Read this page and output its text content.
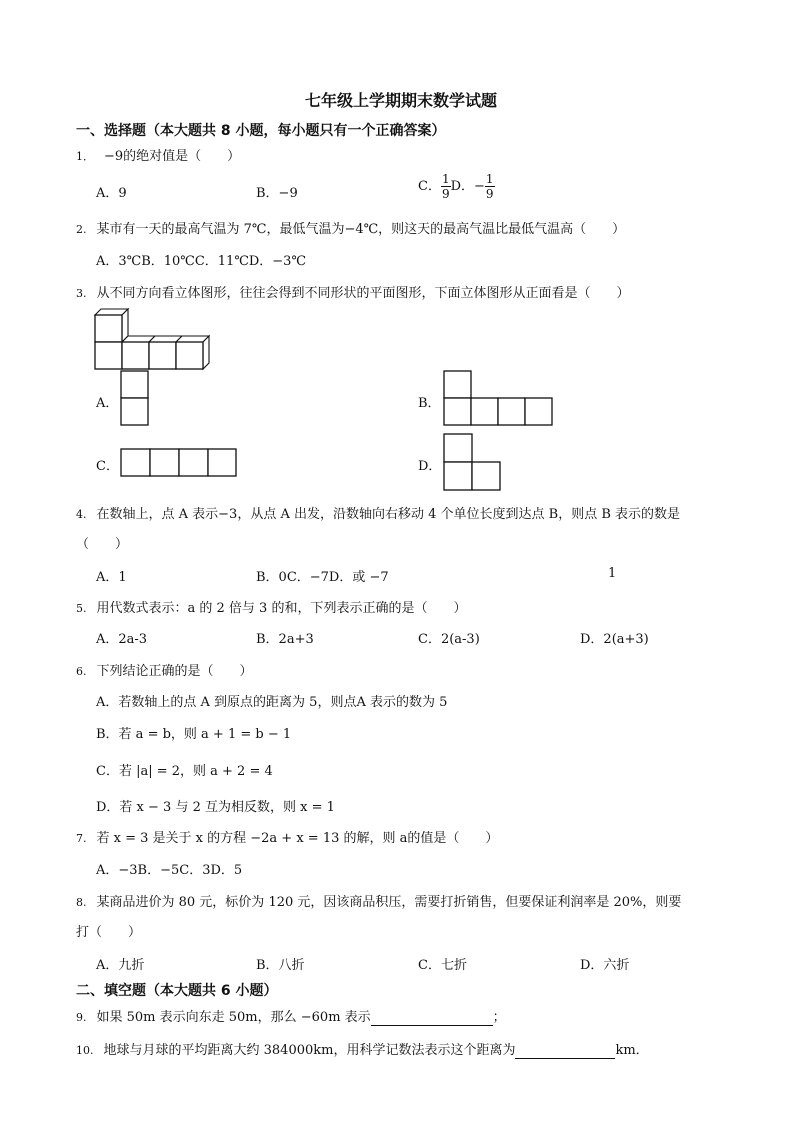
七年级上学期期末数学试题
一、选择题（本大题共 8 小题，每小题只有一个正确答案）
1． −9的绝对值是（　　）
A．9	B．−9	C． $\frac{1}{9}$ D．− $\frac{1}{9}$
2. 某市有一天的最高气温为 7℃，最低气温为−4℃，则这天的最高气温比最低气温高（　　）
A．3℃B．10℃C．11℃D．−3℃
3. 从不同方向看立体图形，往往会得到不同形状的平面图形，下面立体图形从正面看是（　　）
A．	B．
C．	D．
4. 在数轴上，点 A 表示−3，从点 A 出发，沿数轴向右移动 4 个单位长度到达点 B，则点 B 表示的数是
（　　）
A．1	B．0C．−7D．或 −7	1
5. 用代数式表示：a 的 2 倍与 3 的和，下列表示正确的是（　　）
A．2a-3	B．2a+3	C．2(a-3)	D．2(a+3)
6. 下列结论正确的是（　　）
A．若数轴上的点 A 到原点的距离为 5，则点A 表示的数为 5
B．若 a = b，则 a + 1 = b − 1
C．若 |a| = 2，则 a + 2 = 4
D．若 x − 3 与 2 互为相反数，则 x = 1
7. 若 x = 3 是关于 x 的方程 −2a + x = 13 的解，则 a的值是（　　）
A．−3B．−5C．3D．5
8. 某商品进价为 80 元，标价为 120 元，因该商品积压，需要打折销售，但要保证利润率是 20%，则要
打（　　）
A．九折	B．八折	C．七折	D．六折
二、填空题（本大题共 6 小题）
9. 如果 50m 表示向东走 50m，那么 −60m 表示	；
10. 地球与月球的平均距离大约 384000km，用科学记数法表示这个距离为	km．
